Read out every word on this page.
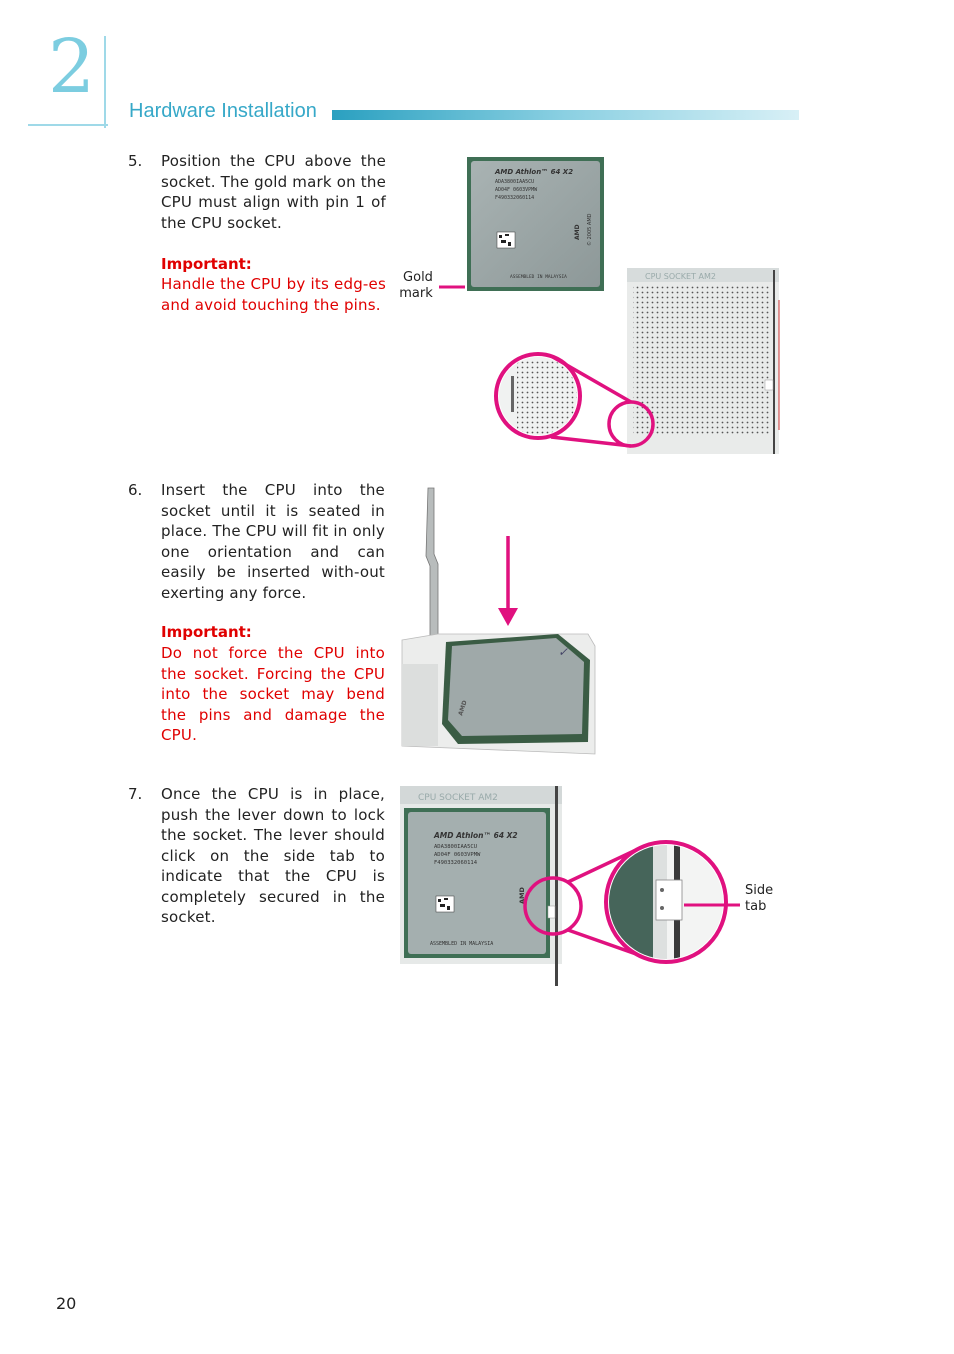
2
Hardware Installation
5. Position the CPU above the socket. The gold mark on the CPU must align with pin 1 of the CPU socket.
Important:
Handle the CPU by its edg-es and avoid touching the pins.
6. Insert the CPU into the socket until it is seated in place. The CPU will fit in only one orientation and can easily be inserted with-out exerting any force.
Important:
Do not force the CPU into the socket. Forcing the CPU into the socket may bend the pins and damage the CPU.
7. Once the CPU is in place, push the lever down to lock the socket. The lever should click on the side tab to indicate that the CPU is completely secured in the socket.
AMD Athlon™ 64 X2
ADA3800IAA5CU
AD04F 0603VPMW
F490332060114
ASSEMBLED IN MALAYSIA
AMD © 2005 AMD
CPU SOCKET AM2
Gold
mark
AMD
✓
CPU SOCKET AM2
AMD Athlon™ 64 X2
ADA3800IAA5CU
AD04F 0603VPMW
F490332060114
ASSEMBLED IN MALAYSIA
AMD	Side
tab
20
